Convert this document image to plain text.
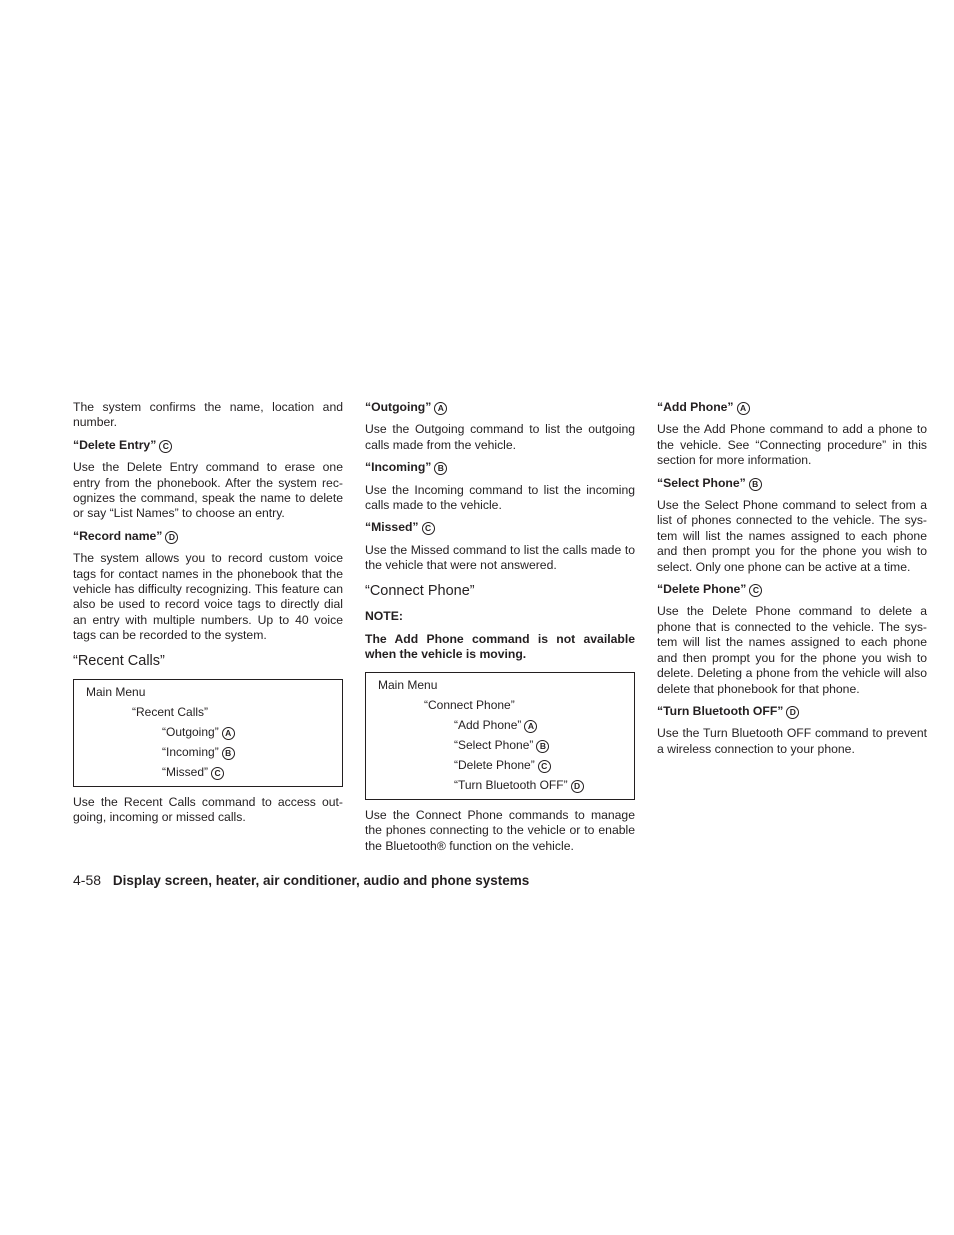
The system confirms the name, location and number.

“Delete Entry” C

Use the Delete Entry command to erase one entry from the phonebook. After the system rec-ognizes the command, speak the name to delete or say “List Names” to choose an entry.

“Record name” D

The system allows you to record custom voice tags for contact names in the phonebook that the vehicle has difficulty recognizing. This feature can also be used to record voice tags to directly dial an entry with multiple numbers. Up to 40 voice tags can be recorded to the system.

“Recent Calls”
Main Menu
“Recent Calls”
“Outgoing” A
“Incoming” B
“Missed” C

Use the Recent Calls command to access out-going, incoming or missed calls.

“Outgoing” A

Use the Outgoing command to list the outgoing calls made from the vehicle.

“Incoming” B

Use the Incoming command to list the incoming calls made to the vehicle.

“Missed” C

Use the Missed command to list the calls made to the vehicle that were not answered.

“Connect Phone”
NOTE:

The Add Phone command is not available when the vehicle is moving.

Main Menu
“Connect Phone”
“Add Phone” A
“Select Phone” B
“Delete Phone” C
“Turn Bluetooth OFF” D

Use the Connect Phone commands to manage the phones connecting to the vehicle or to enable the Bluetooth® function on the vehicle.

“Add Phone” A

Use the Add Phone command to add a phone to the vehicle. See “Connecting procedure” in this section for more information.

“Select Phone” B

Use the Select Phone command to select from a list of phones connected to the vehicle. The sys-tem will list the names assigned to each phone and then prompt you for the phone you wish to select. Only one phone can be active at a time.

“Delete Phone” C

Use the Delete Phone command to delete a phone that is connected to the vehicle. The sys-tem will list the names assigned to each phone and then prompt you for the phone you wish to delete. Deleting a phone from the vehicle will also delete that phonebook for that phone.

“Turn Bluetooth OFF” D

Use the Turn Bluetooth OFF command to prevent a wireless connection to your phone.

4-58 Display screen, heater, air conditioner, audio and phone systems
